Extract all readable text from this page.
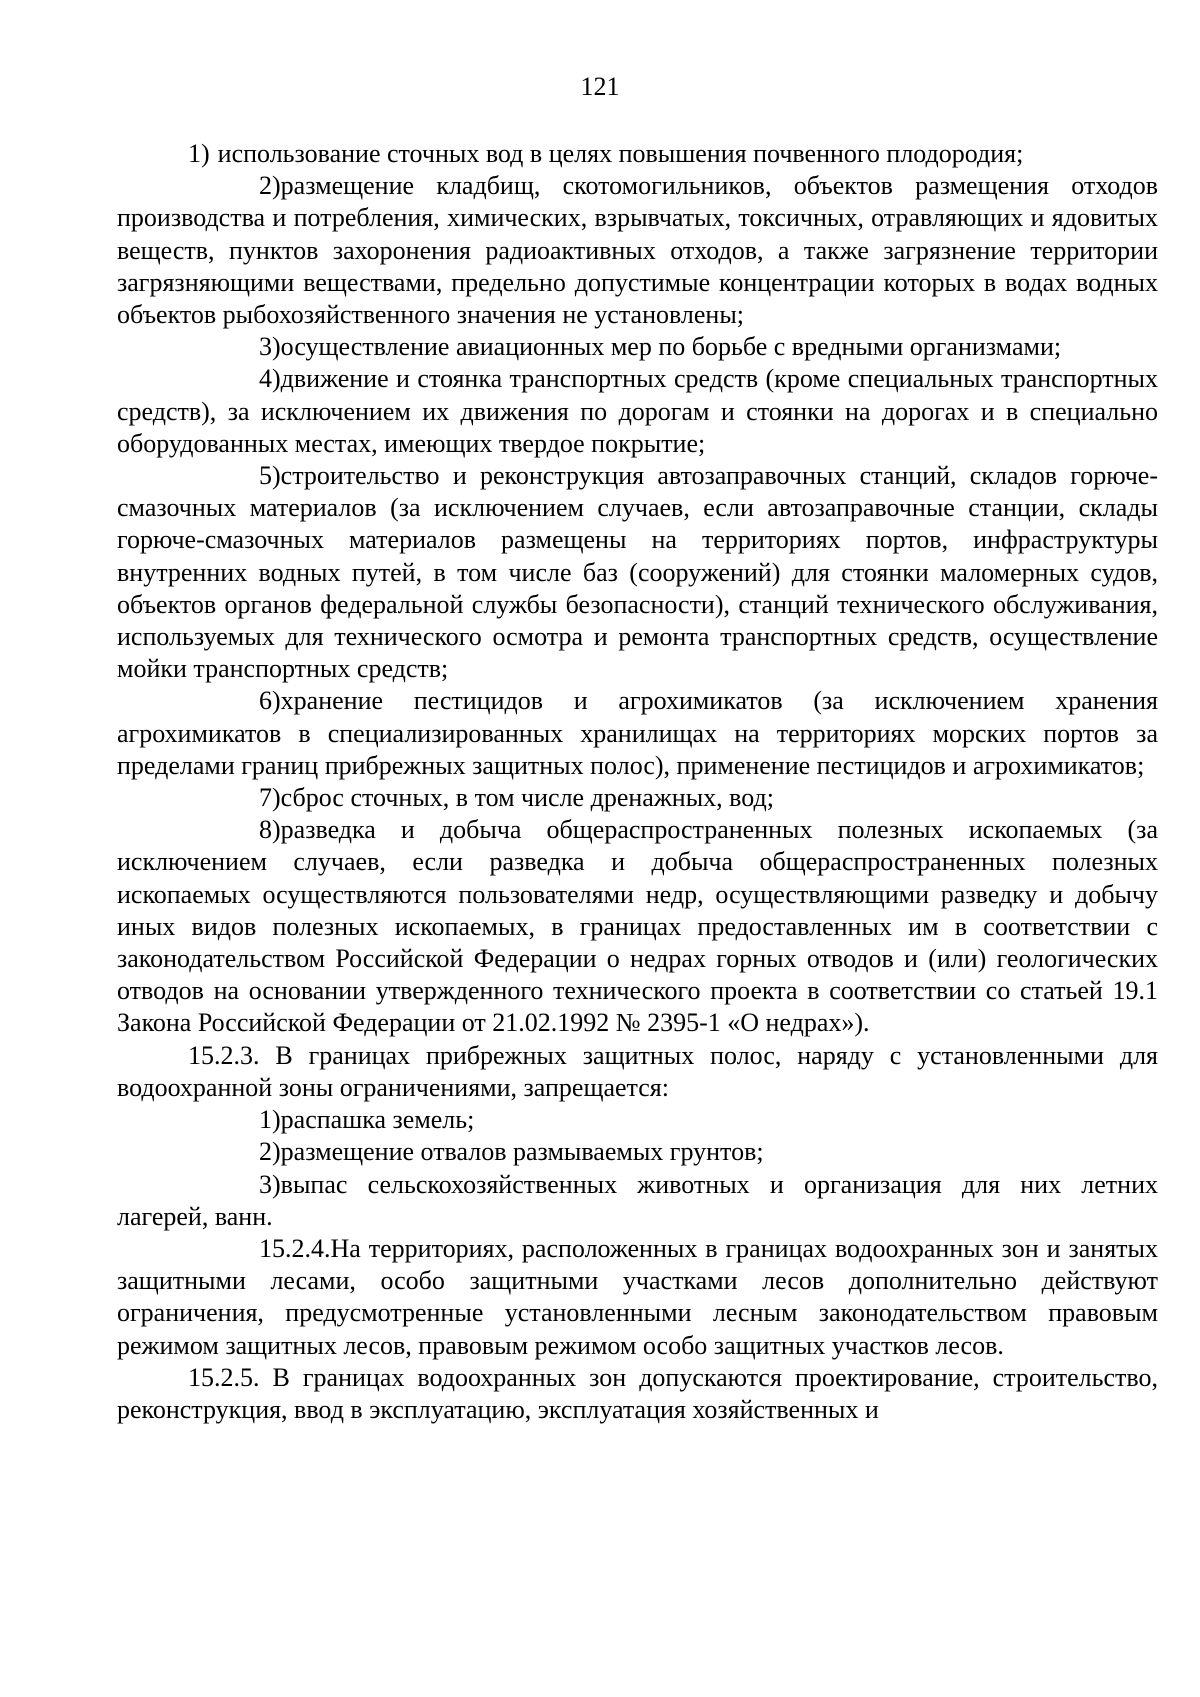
121

1) использование сточных вод в целях повышения почвенного плодородия;

2)размещение кладбищ, скотомогильников, объектов размещения отходов производства и потребления, химических, взрывчатых, токсичных, отравляющих и ядовитых веществ, пунктов захоронения радиоактивных отходов, а также загрязнение территории загрязняющими веществами, предельно допустимые концентрации которых в водах водных объектов рыбохозяйственного значения не установлены;

3)осуществление авиационных мер по борьбе с вредными организмами;

4)движение и стоянка транспортных средств (кроме специальных транспортных средств), за исключением их движения по дорогам и стоянки на дорогах и в специально оборудованных местах, имеющих твердое покрытие;

5)строительство и реконструкция автозаправочных станций, складов горюче-смазочных материалов (за исключением случаев, если автозаправочные станции, склады горюче-смазочных материалов размещены на территориях портов, инфраструктуры внутренних водных путей, в том числе баз (сооружений) для стоянки маломерных судов, объектов органов федеральной службы безопасности), станций технического обслуживания, используемых для технического осмотра и ремонта транспортных средств, осуществление мойки транспортных средств;

6)хранение пестицидов и агрохимикатов (за исключением хранения агрохимикатов в специализированных хранилищах на территориях морских портов за пределами границ прибрежных защитных полос), применение пестицидов и агрохимикатов;

7)сброс сточных, в том числе дренажных, вод;

8)разведка и добыча общераспространенных полезных ископаемых (за исключением случаев, если разведка и добыча общераспространенных полезных ископаемых осуществляются пользователями недр, осуществляющими разведку и добычу иных видов полезных ископаемых, в границах предоставленных им в соответствии с законодательством Российской Федерации о недрах горных отводов и (или) геологических отводов на основании утвержденного технического проекта в соответствии со статьей 19.1 Закона Российской Федерации от 21.02.1992 № 2395-1 «О недрах»).

15.2.3. В границах прибрежных защитных полос, наряду с установленными для водоохранной зоны ограничениями, запрещается:

1)распашка земель;

2)размещение отвалов размываемых грунтов;

3)выпас сельскохозяйственных животных и организация для них летних лагерей, ванн.

15.2.4.На территориях, расположенных в границах водоохранных зон и занятых защитными лесами, особо защитными участками лесов дополнительно действуют ограничения, предусмотренные установленными лесным законодательством правовым режимом защитных лесов, правовым режимом особо защитных участков лесов.

15.2.5. В границах водоохранных зон допускаются проектирование, строительство, реконструкция, ввод в эксплуатацию, эксплуатация хозяйственных и
